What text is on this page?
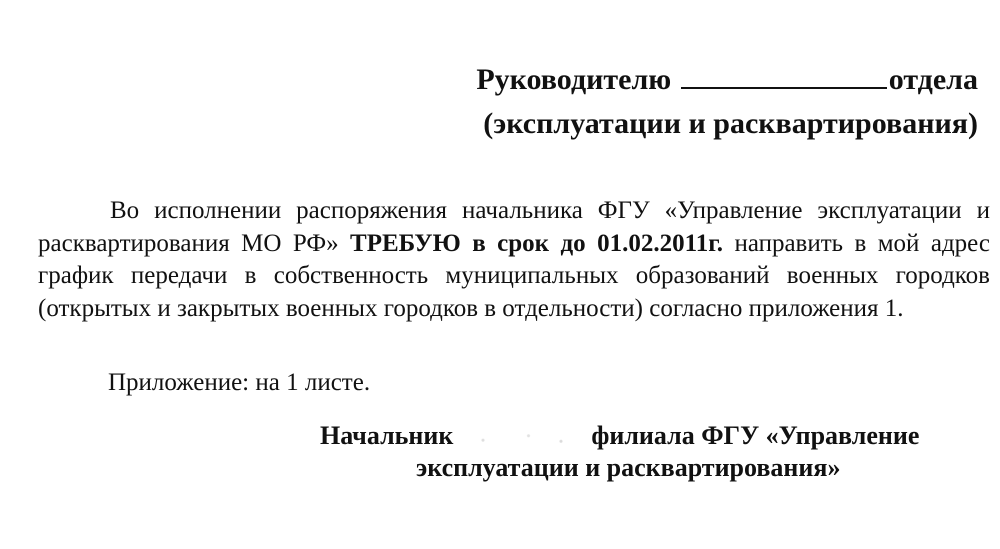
Руководителю	отдела
(эксплуатации и расквартирования)
Во исполнении распоряжения начальника ФГУ «Управление эксплуатации и расквартирования МО РФ» ТРЕБУЮ в срок до 01.02.2011г. направить в мой адрес график передачи в собственность муниципальных образований военных городков (открытых и закрытых военных городков в отдельности) согласно приложения 1.
Приложение: на 1 листе.
Начальник	филиала ФГУ «Управление
эксплуатации и расквартирования»
